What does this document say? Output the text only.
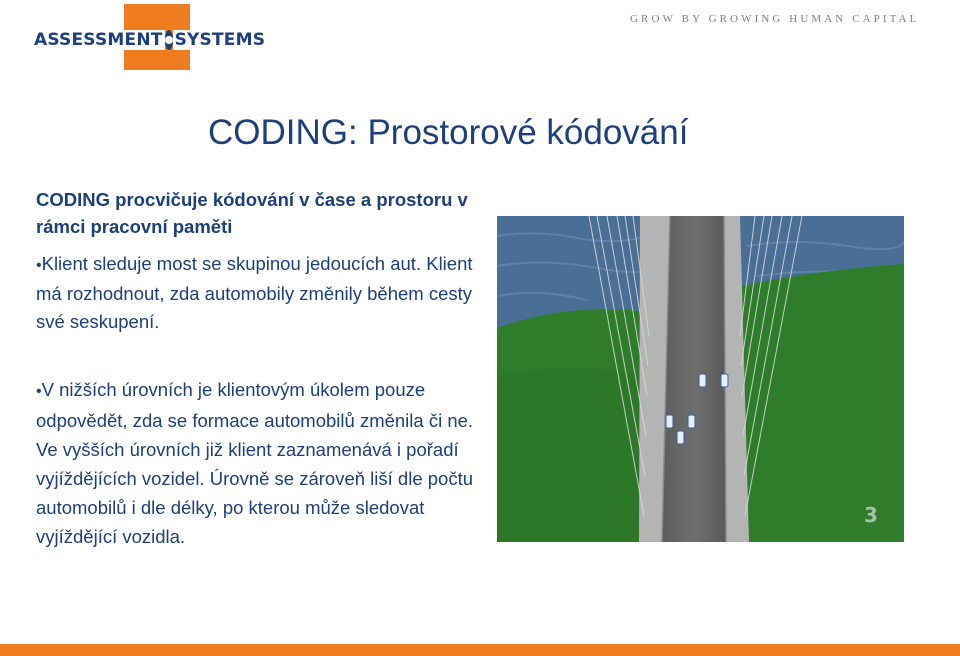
ASSESSMENT SYSTEMS
GROW BY GROWING HUMAN CAPITAL
CODING: Prostorové kódování
CODING procvičuje kódování v čase a prostoru v rámci pracovní paměti
•Klient sleduje most se skupinou jedoucích aut. Klient má rozhodnout, zda automobily změnily během cesty své seskupení.
•V nižších úrovních je klientovým úkolem pouze odpovědět, zda se formace automobilů změnila či ne. Ve vyšších úrovních již klient zaznamenává i pořadí vyjíždějících vozidel. Úrovně se zároveň liší dle počtu automobilů i dle délky, po kterou může sledovat vyjíždějící vozidla.
3
